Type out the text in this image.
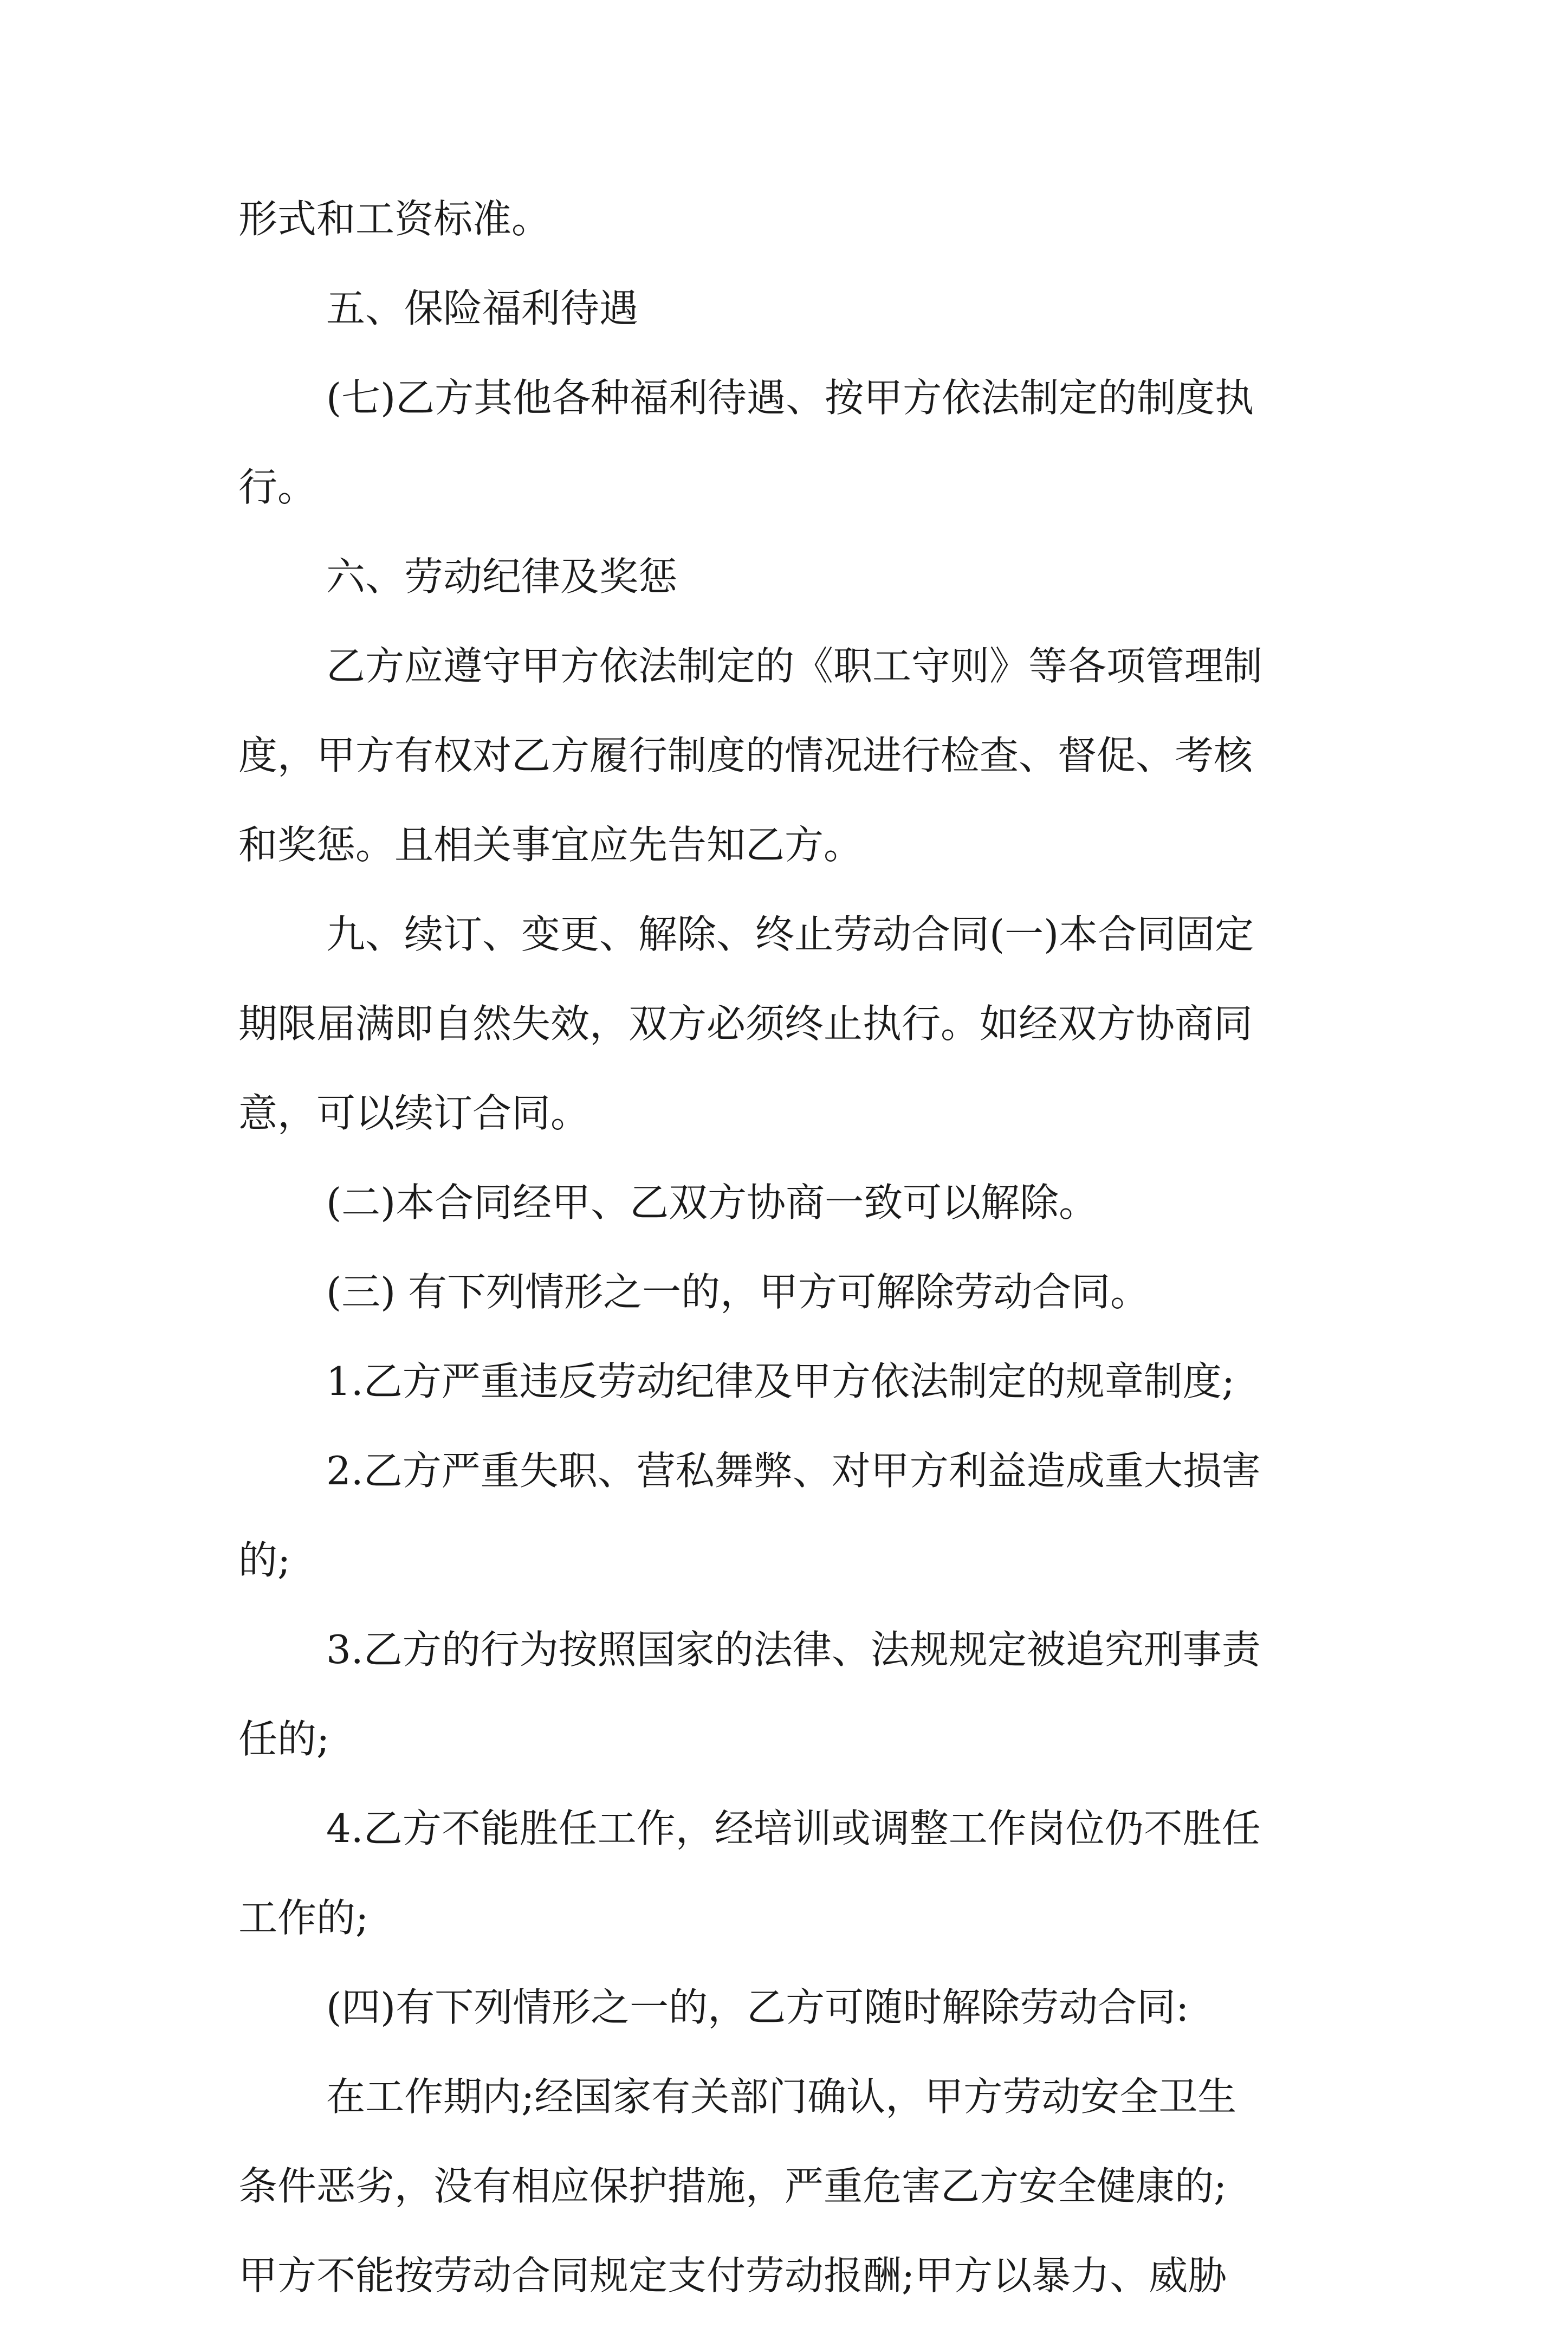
形式和工资标准。
五、保险福利待遇
(七)乙方其他各种福利待遇、按甲方依法制定的制度执
行。
六、劳动纪律及奖惩
乙方应遵守甲方依法制定的《职工守则》等各项管理制
度，甲方有权对乙方履行制度的情况进行检查、督促、考核
和奖惩。且相关事宜应先告知乙方。
九、续订、变更、解除、终止劳动合同(一)本合同固定
期限届满即自然失效，双方必须终止执行。如经双方协商同
意，可以续订合同。
(二)本合同经甲、乙双方协商一致可以解除。
(三) 有下列情形之一的，甲方可解除劳动合同。
1.乙方严重违反劳动纪律及甲方依法制定的规章制度;
2.乙方严重失职、营私舞弊、对甲方利益造成重大损害
的;
3.乙方的行为按照国家的法律、法规规定被追究刑事责
任的;
4.乙方不能胜任工作，经培训或调整工作岗位仍不胜任
工作的;
(四)有下列情形之一的，乙方可随时解除劳动合同:
在工作期内;经国家有关部门确认，甲方劳动安全卫生
条件恶劣，没有相应保护措施，严重危害乙方安全健康的;
甲方不能按劳动合同规定支付劳动报酬;甲方以暴力、威胁
